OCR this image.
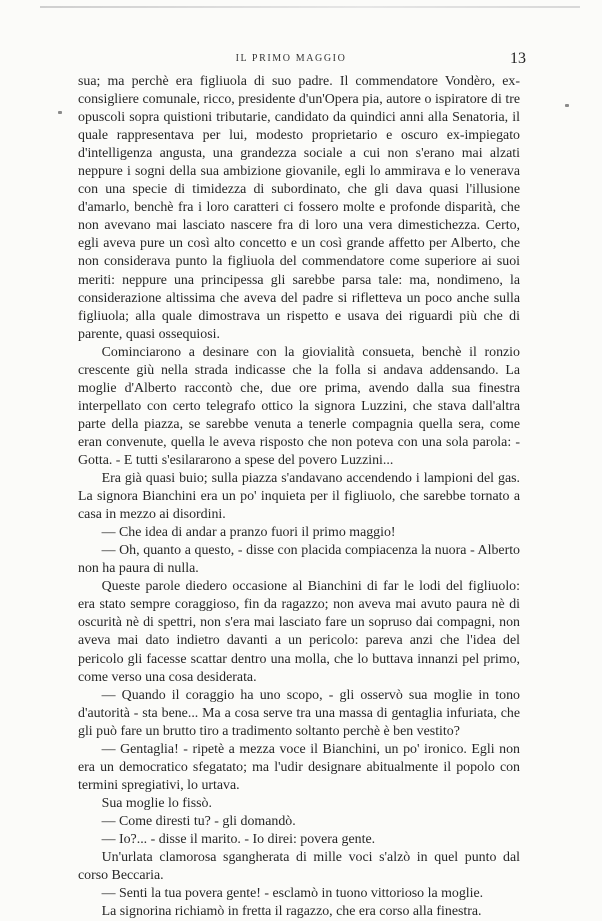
IL PRIMO MAGGIO	13

sua; ma perchè era figliuola di suo padre. Il commendatore Vondèro, ex-consigliere comunale, ricco, presidente d'un'Opera pia, autore o ispiratore di tre opuscoli sopra quistioni tributarie, candidato da quindici anni alla Senatoria, il quale rappresentava per lui, modesto proprietario e oscuro ex-impiegato d'intelligenza angusta, una grandezza sociale a cui non s'erano mai alzati neppure i sogni della sua ambizione giovanile, egli lo ammirava e lo venerava con una specie di timidezza di subordinato, che gli dava quasi l'illusione d'amarlo, benchè fra i loro caratteri ci fossero molte e profonde disparità, che non avevano mai lasciato nascere fra di loro una vera dimestichezza. Certo, egli aveva pure un così alto concetto e un così grande affetto per Alberto, che non considerava punto la figliuola del commendatore come superiore ai suoi meriti: neppure una principessa gli sarebbe parsa tale: ma, nondimeno, la considerazione altissima che aveva del padre si rifletteva un poco anche sulla figliuola; alla quale dimostrava un rispetto e usava dei riguardi più che di parente, quasi ossequiosi.

Cominciarono a desinare con la giovialità consueta, benchè il ronzio crescente giù nella strada indicasse che la folla si andava addensando. La moglie d'Alberto raccontò che, due ore prima, avendo dalla sua finestra interpellato con certo telegrafo ottico la signora Luzzini, che stava dall'altra parte della piazza, se sarebbe venuta a tenerle compagnia quella sera, come eran convenute, quella le aveva risposto che non poteva con una sola parola: - Gotta. - E tutti s'esilararono a spese del povero Luzzini...

Era già quasi buio; sulla piazza s'andavano accendendo i lampioni del gas. La signora Bianchini era un po' inquieta per il figliuolo, che sarebbe tornato a casa in mezzo ai disordini.

— Che idea di andar a pranzo fuori il primo maggio!

— Oh, quanto a questo, - disse con placida compiacenza la nuora - Alberto non ha paura di nulla.

Queste parole diedero occasione al Bianchini di far le lodi del figliuolo: era stato sempre coraggioso, fin da ragazzo; non aveva mai avuto paura nè di oscurità nè di spettri, non s'era mai lasciato fare un sopruso dai compagni, non aveva mai dato indietro davanti a un pericolo: pareva anzi che l'idea del pericolo gli facesse scattar dentro una molla, che lo buttava innanzi pel primo, come verso una cosa desiderata.

— Quando il coraggio ha uno scopo, - gli osservò sua moglie in tono d'autorità - sta bene... Ma a cosa serve tra una massa di gentaglia infuriata, che gli può fare un brutto tiro a tradimento soltanto perchè è ben vestito?

— Gentaglia! - ripetè a mezza voce il Bianchini, un po' ironico. Egli non era un democratico sfegatato; ma l'udir designare abitualmente il popolo con termini spregiativi, lo urtava.

Sua moglie lo fissò.

— Come diresti tu? - gli domandò.

— Io?... - disse il marito. - Io direi: povera gente.

Un'urlata clamorosa sgangherata di mille voci s'alzò in quel punto dal corso Beccaria.

— Senti la tua povera gente! - esclamò in tuono vittorioso la moglie.

La signorina richiamò in fretta il ragazzo, che era corso alla finestra.
